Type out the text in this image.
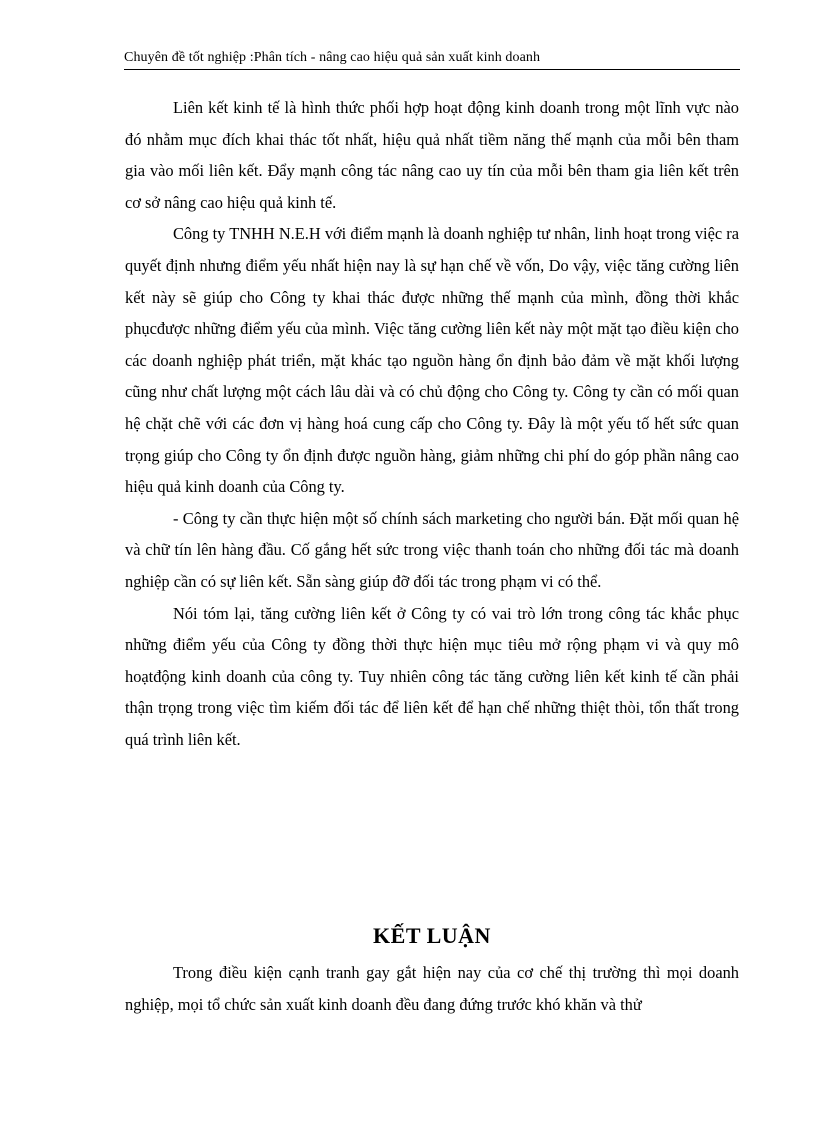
Chuyên đề tốt nghiệp :Phân tích - nâng cao hiệu quả sản xuất kinh doanh

Liên kết kinh tế là hình thức phối hợp hoạt động kinh doanh trong một lĩnh vực nào đó nhằm mục đích khai thác tốt nhất, hiệu quả nhất tiềm năng thế mạnh của mỗi bên tham gia vào mối liên kết. Đẩy mạnh công tác nâng cao uy tín của mỗi bên tham gia liên kết trên cơ sở nâng cao hiệu quả kinh tế.

Công ty TNHH N.E.H với điểm mạnh là doanh nghiệp tư nhân, linh hoạt trong việc ra quyết định nhưng điểm yếu nhất hiện nay là sự hạn chế về vốn, Do vậy, việc tăng cường liên kết này sẽ giúp cho Công ty khai thác được những thế mạnh của mình, đồng thời khắc phụcđược những điểm yếu của mình. Việc tăng cường liên kết này một mặt tạo điều kiện cho các doanh nghiệp phát triển, mặt khác tạo nguồn hàng ổn định bảo đảm về mặt khối lượng cũng như chất lượng một cách lâu dài và có chủ động cho Công ty. Công ty cần có mối quan hệ chặt chẽ với các đơn vị hàng hoá cung cấp cho Công ty. Đây là một yếu tố hết sức quan trọng giúp cho Công ty ổn định được nguồn hàng, giảm những chi phí do góp phần nâng cao hiệu quả kinh doanh của Công ty.

- Công ty cần thực hiện một số chính sách marketing cho người bán. Đặt mối quan hệ và chữ tín lên hàng đầu. Cố gắng hết sức trong việc thanh toán cho những đối tác mà doanh nghiệp cần có sự liên kết. Sẵn sàng giúp đỡ đối tác trong phạm vi có thể.

Nói tóm lại, tăng cường liên kết ở Công ty có vai trò lớn trong công tác khắc phục những điểm yếu của Công ty đồng thời thực hiện mục tiêu mở rộng phạm vi và quy mô hoạtđộng kinh doanh của công ty. Tuy nhiên công tác tăng cường liên kết kinh tế cần phải thận trọng trong việc tìm kiếm đối tác để liên kết để hạn chế những thiệt thòi, tổn thất trong quá trình liên kết.

KẾT LUẬN

Trong điều kiện cạnh tranh gay gắt hiện nay của cơ chế thị trường thì mọi doanh nghiệp, mọi tổ chức sản xuất kinh doanh đều đang đứng trước khó khăn và thử
